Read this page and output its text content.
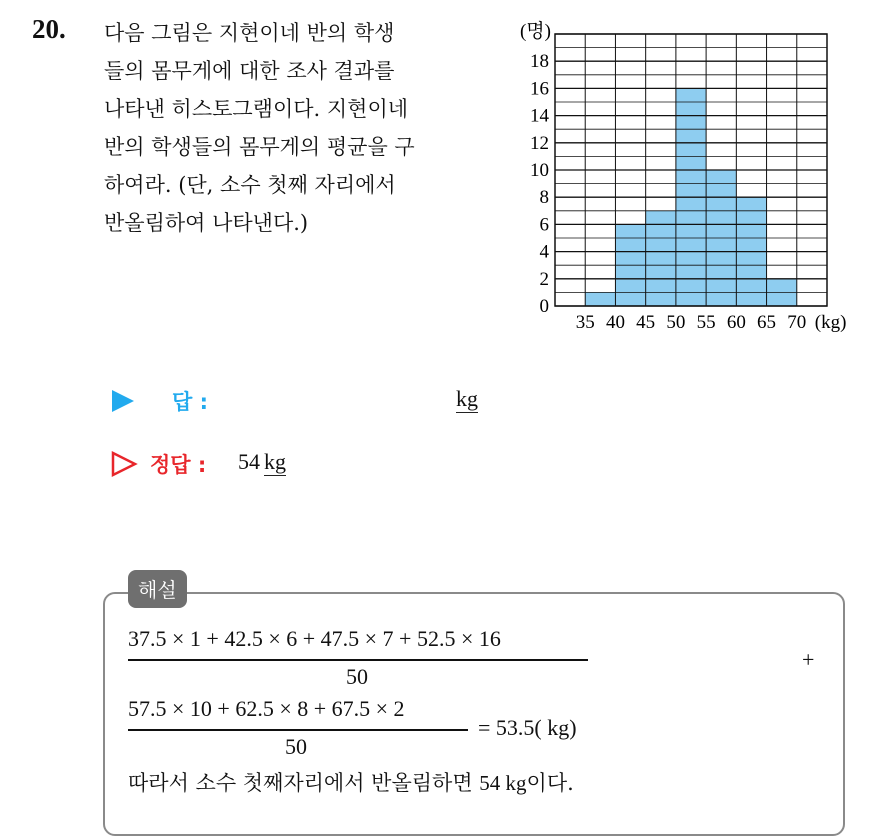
20. 다음 그림은 지현이네 반의 학생
들의 몸무게에 대한 조사 결과를
나타낸 히스토그램이다. 지현이네
반의 학생들의 몸무게의 평균을 구
하여라. (단, 소수 첫째 자리에서
반올림하여 나타낸다.)
0
2
4
6
8
10
12
14
16
18
35 40 45 50 55 60 65 70
(명)
(kg)
답 :	kg
정답 : 54 kg
해설
37.5 × 1 + 42.5 × 6 + 47.5 × 7 + 52.5 × 16
50
+
57.5 × 10 + 62.5 × 8 + 67.5 × 2
50
= 53.5( kg)
따라서 소수 첫째자리에서 반올림하면 54 kg이다.
